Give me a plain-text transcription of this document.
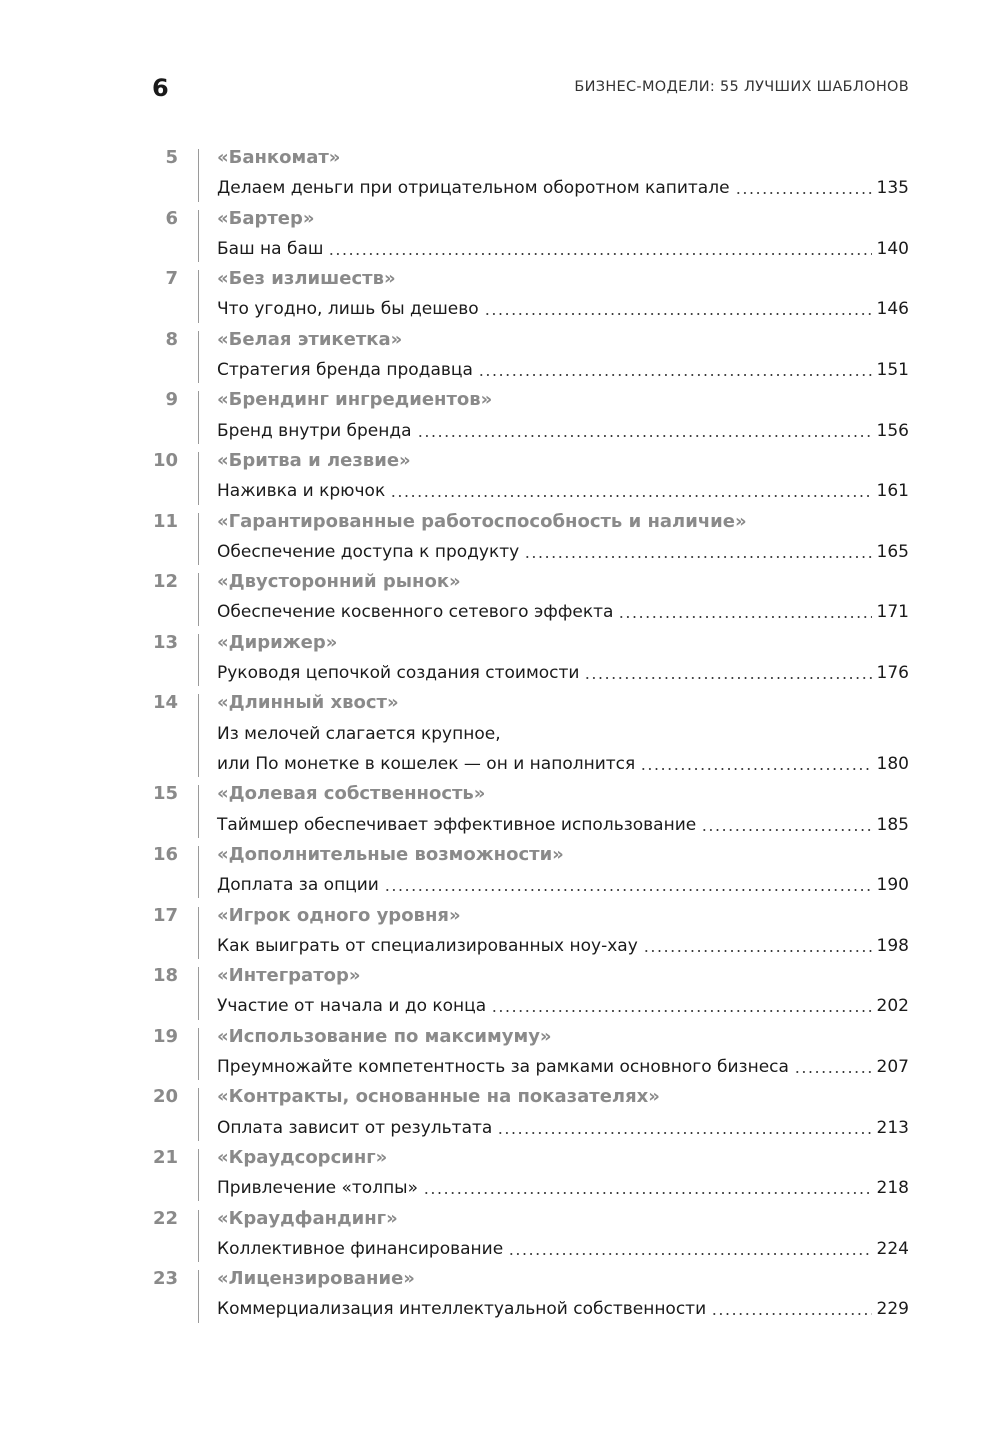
6	БИЗНЕС-МОДЕЛИ: 55 ЛУЧШИХ ШАБЛОНОВ
5 «Банкомат»
Делаем деньги при отрицательном оборотном капитале	135
6 «Бартер»
Баш на баш	140
7 «Без излишеств»
Что угодно, лишь бы дешево	146
8 «Белая этикетка»
Стратегия бренда продавца	151
9 «Брендинг ингредиентов»
Бренд внутри бренда	156
10 «Бритва и лезвие»
Наживка и крючок	161
11 «Гарантированные работоспособность и наличие»
Обеспечение доступа к продукту	165
12 «Двусторонний рынок»
Обеспечение косвенного сетевого эффекта	171
13 «Дирижер»
Руководя цепочкой создания стоимости	176
14 «Длинный хвост»
Из мелочей слагается крупное,
или По монетке в кошелек — он и наполнится	180
15 «Долевая собственность»
Таймшер обеспечивает эффективное использование	185
16 «Дополнительные возможности»
Доплата за опции	190
17 «Игрок одного уровня»
Как выиграть от специализированных ноу-хау	198
18 «Интегратор»
Участие от начала и до конца	202
19 «Использование по максимуму»
Преумножайте компетентность за рамками основного бизнеса	207
20 «Контракты, основанные на показателях»
Оплата зависит от результата	213
21 «Краудсорсинг»
Привлечение «толпы»	218
22 «Краудфандинг»
Коллективное финансирование	224
23 «Лицензирование»
Коммерциализация интеллектуальной собственности	229
